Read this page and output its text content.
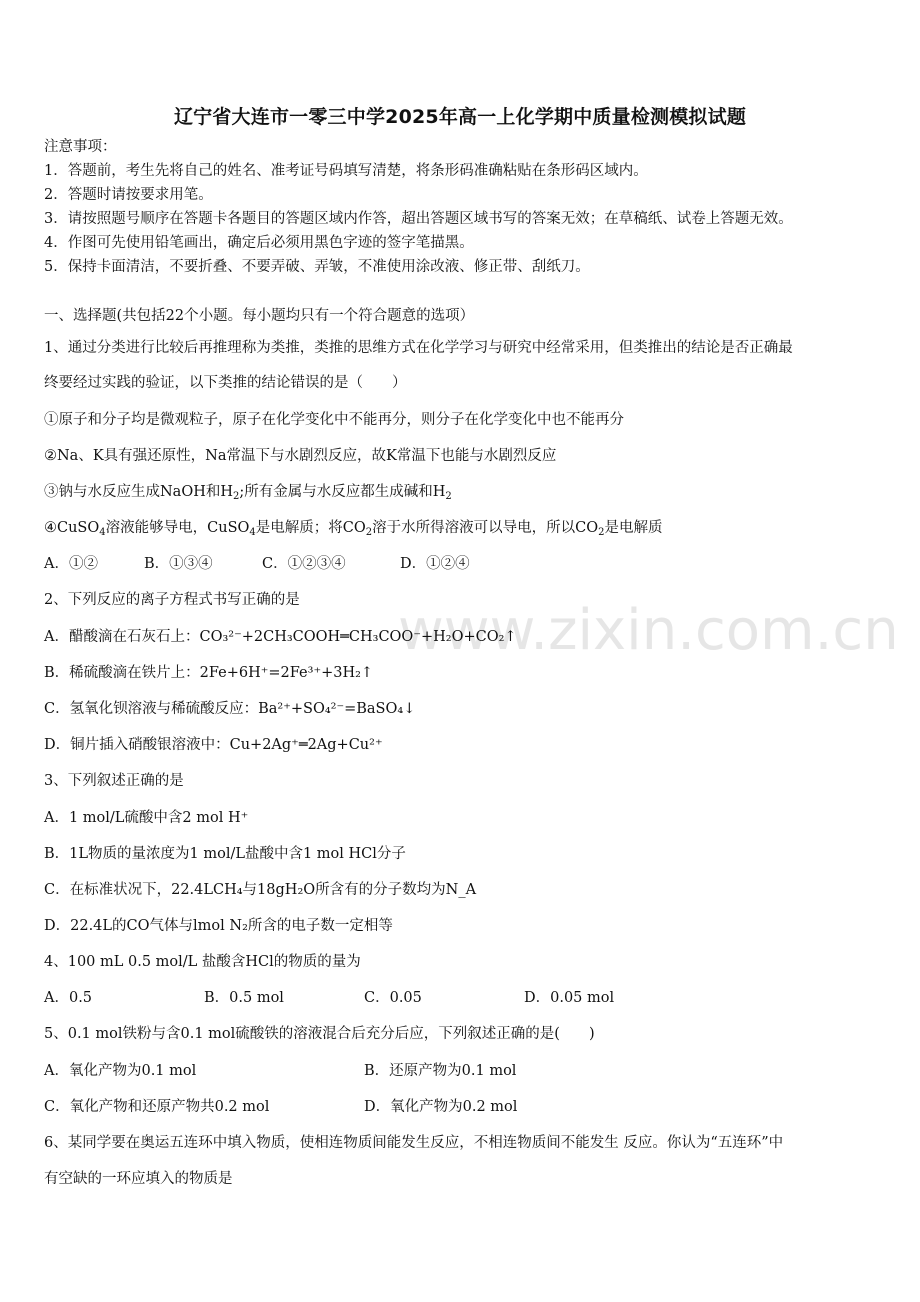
www.zixin.com.cn
辽宁省大连市一零三中学2025年高一上化学期中质量检测模拟试题
注意事项：
1．答题前，考生先将自己的姓名、准考证号码填写清楚，将条形码准确粘贴在条形码区域内。
2．答题时请按要求用笔。
3．请按照题号顺序在答题卡各题目的答题区域内作答，超出答题区域书写的答案无效；在草稿纸、试卷上答题无效。
4．作图可先使用铅笔画出，确定后必须用黑色字迹的签字笔描黑。
5．保持卡面清洁，不要折叠、不要弄破、弄皱，不准使用涂改液、修正带、刮纸刀。
一、选择题(共包括22个小题。每小题均只有一个符合题意的选项）
1、通过分类进行比较后再推理称为类推，类推的思维方式在化学学习与研究中经常采用，但类推出的结论是否正确最
终要经过实践的验证，以下类推的结论错误的是（　　）
①原子和分子均是微观粒子，原子在化学变化中不能再分，则分子在化学变化中也不能再分
②Na、K具有强还原性，Na常温下与水剧烈反应，故K常温下也能与水剧烈反应
③钠与水反应生成NaOH和$H_2$;所有金属与水反应都生成碱和$H_2$
④CuSO$_4$溶液能够导电，CuSO$_4$是电解质；将$CO_2$溶于水所得溶液可以导电，所以$CO_2$是电解质
A．①②	B．①③④	C．①②③④	D．①②④
2、下列反应的离子方程式书写正确的是
A．醋酸滴在石灰石上：CO₃²⁻+2CH₃COOH═CH₃COO⁻+H₂O+CO₂↑
B．稀硫酸滴在铁片上：2Fe+6H⁺=2Fe³⁺+3H₂↑
C．氢氧化钡溶液与稀硫酸反应：Ba²⁺+SO₄²⁻=BaSO₄↓
D．铜片插入硝酸银溶液中：Cu+2Ag⁺═2Ag+Cu²⁺
3、下列叙述正确的是
A．1 mol/L硫酸中含2 mol H⁺
B．1L物质的量浓度为1 mol/L盐酸中含1 mol HCl分子
C．在标准状况下，22.4LCH₄与18gH₂O所含有的分子数均为N_A
D．22.4L的CO气体与lmol N₂所含的电子数一定相等
4、100 mL 0.5 mol/L 盐酸含HCl的物质的量为
A．0.5	B．0.5 mol	C．0.05	D．0.05 mol
5、0.1 mol铁粉与含0.1 mol硫酸铁的溶液混合后充分后应，下列叙述正确的是(　　)
A．氧化产物为0.1 mol	B．还原产物为0.1 mol
C．氧化产物和还原产物共0.2 mol	D．氧化产物为0.2 mol
6、某同学要在奥运五连环中填入物质，使相连物质间能发生反应，不相连物质间不能发生 反应。你认为“五连环”中
有空缺的一环应填入的物质是
